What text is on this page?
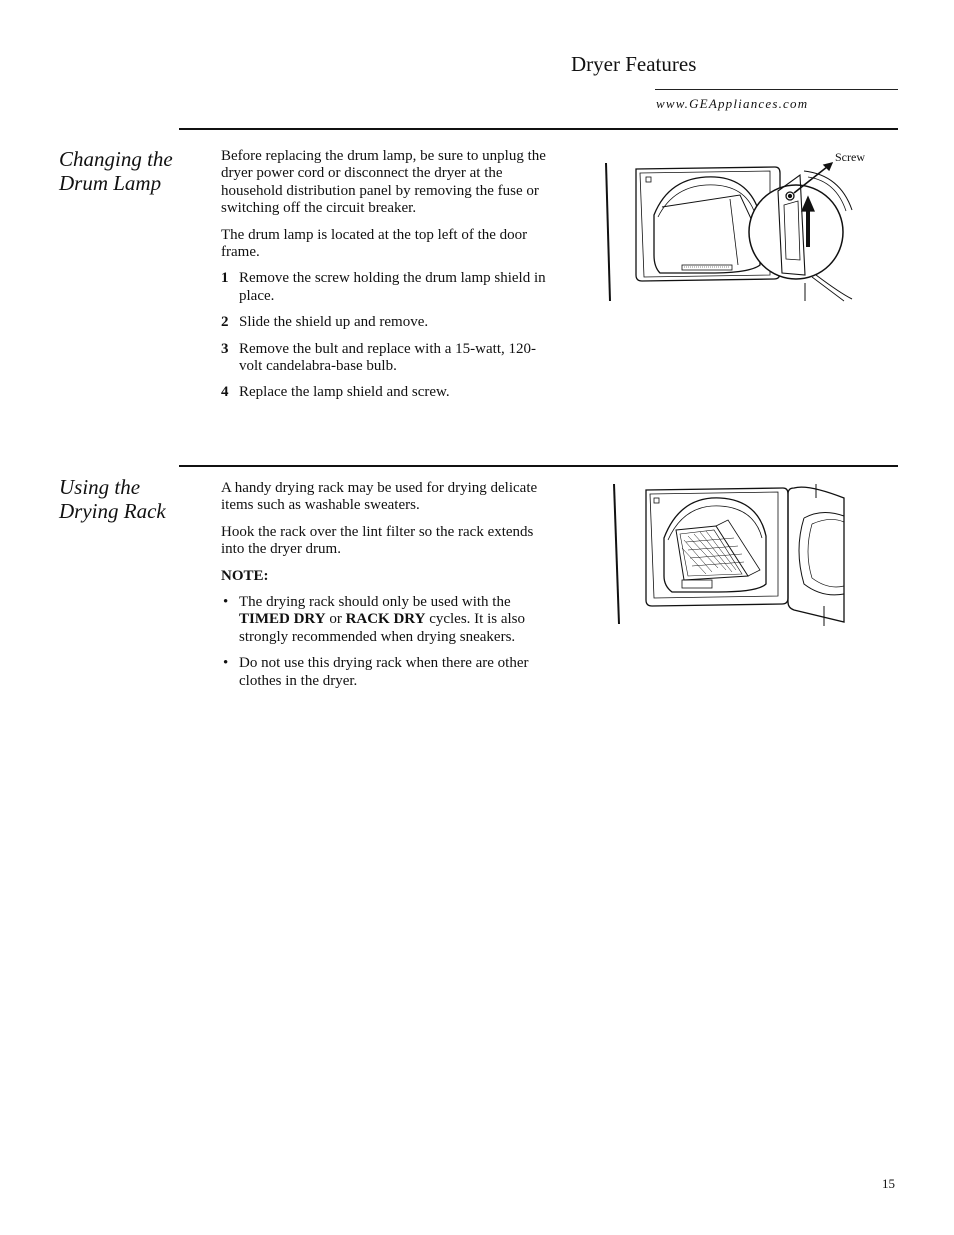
Dryer Features
www.GEAppliances.com
Changing the
Drum Lamp

Before replacing the drum lamp, be sure to unplug the dryer power cord or disconnect the dryer at the household distribution panel by removing the fuse or switching off the circuit breaker.

The drum lamp is located at the top left of the door frame.

1 Remove the screw holding the drum lamp shield in place.
2 Slide the shield up and remove.
3 Remove the bult and replace with a 15-watt, 120-volt candelabra-base bulb.
4 Replace the lamp shield and screw.
Screw
Using the
Drying Rack

A handy drying rack may be used for drying delicate items such as washable sweaters.

Hook the rack over the lint filter so the rack extends into the dryer drum.

NOTE:

• The drying rack should only be used with the TIMED DRY or RACK DRY cycles. It is also strongly recommended when drying sneakers.
• Do not use this drying rack when there are other clothes in the dryer.
15
